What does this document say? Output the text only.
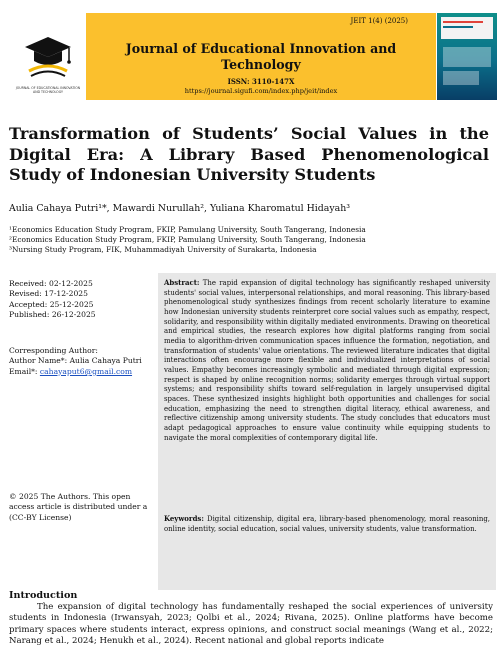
JOURNAL OF EDUCATIONAL INNOVATION AND TECHNOLOGY
JEIT 1(4) (2025)
Journal of Educational Innovation and Technology
ISSN: 3110-147X
https://journal.sigufi.com/index.php/jeit/index
Transformation of Students’ Social Values in the Digital Era: A Library Based Phenomenological Study of Indonesian University Students
Aulia Cahaya Putri¹*, Mawardi Nurullah², Yuliana Kharomatul Hidayah³
¹Economics Education Study Program, FKIP, Pamulang University, South Tangerang, Indonesia
²Economics Education Study Program, FKIP, Pamulang University, South Tangerang, Indonesia
³Nursing Study Program, FIK, Muhammadiyah University of Surakarta, Indonesia
Received: 02-12-2025
Revised: 17-12-2025
Accepted: 25-12-2025
Published: 26-12-2025
Corresponding Author:
Author Name*: Aulia Cahaya Putri
Email*: cahayaput6@gmail.com
© 2025 The Authors. This open access article is distributed under a (CC-BY License)
Abstract: The rapid expansion of digital technology has significantly reshaped university students' social values, interpersonal relationships, and moral reasoning. This library-based phenomenological study synthesizes findings from recent scholarly literature to examine how Indonesian university students reinterpret core social values such as empathy, respect, solidarity, and responsibility within digitally mediated environments. Drawing on theoretical and empirical studies, the research explores how digital platforms ranging from social media to algorithm-driven communication spaces influence the formation, negotiation, and transformation of students' value orientations. The reviewed literature indicates that digital interactions often encourage more flexible and individualized interpretations of social values. Empathy becomes increasingly symbolic and mediated through digital expression; respect is shaped by online recognition norms; solidarity emerges through virtual support systems; and responsibility shifts toward self-regulation in largely unsupervised digital spaces. These synthesized insights highlight both opportunities and challenges for social education, emphasizing the need to strengthen digital literacy, ethical awareness, and reflective citizenship among university students. The study concludes that educators must adapt pedagogical approaches to ensure value continuity while equipping students to navigate the moral complexities of contemporary digital life.
Keywords: Digital citizenship, digital era, library-based phenomenology, moral reasoning, online identity, social education, social values, university students, value transformation.
Introduction
The expansion of digital technology has fundamentally reshaped the social experiences of university students in Indonesia (Irwansyah, 2023; Qolbi et al., 2024; Rivana, 2025). Online platforms have become primary spaces where students interact, express opinions, and construct social meanings (Wang et al., 2022; Narang et al., 2024; Henukh et al., 2024). Recent national and global reports indicate
